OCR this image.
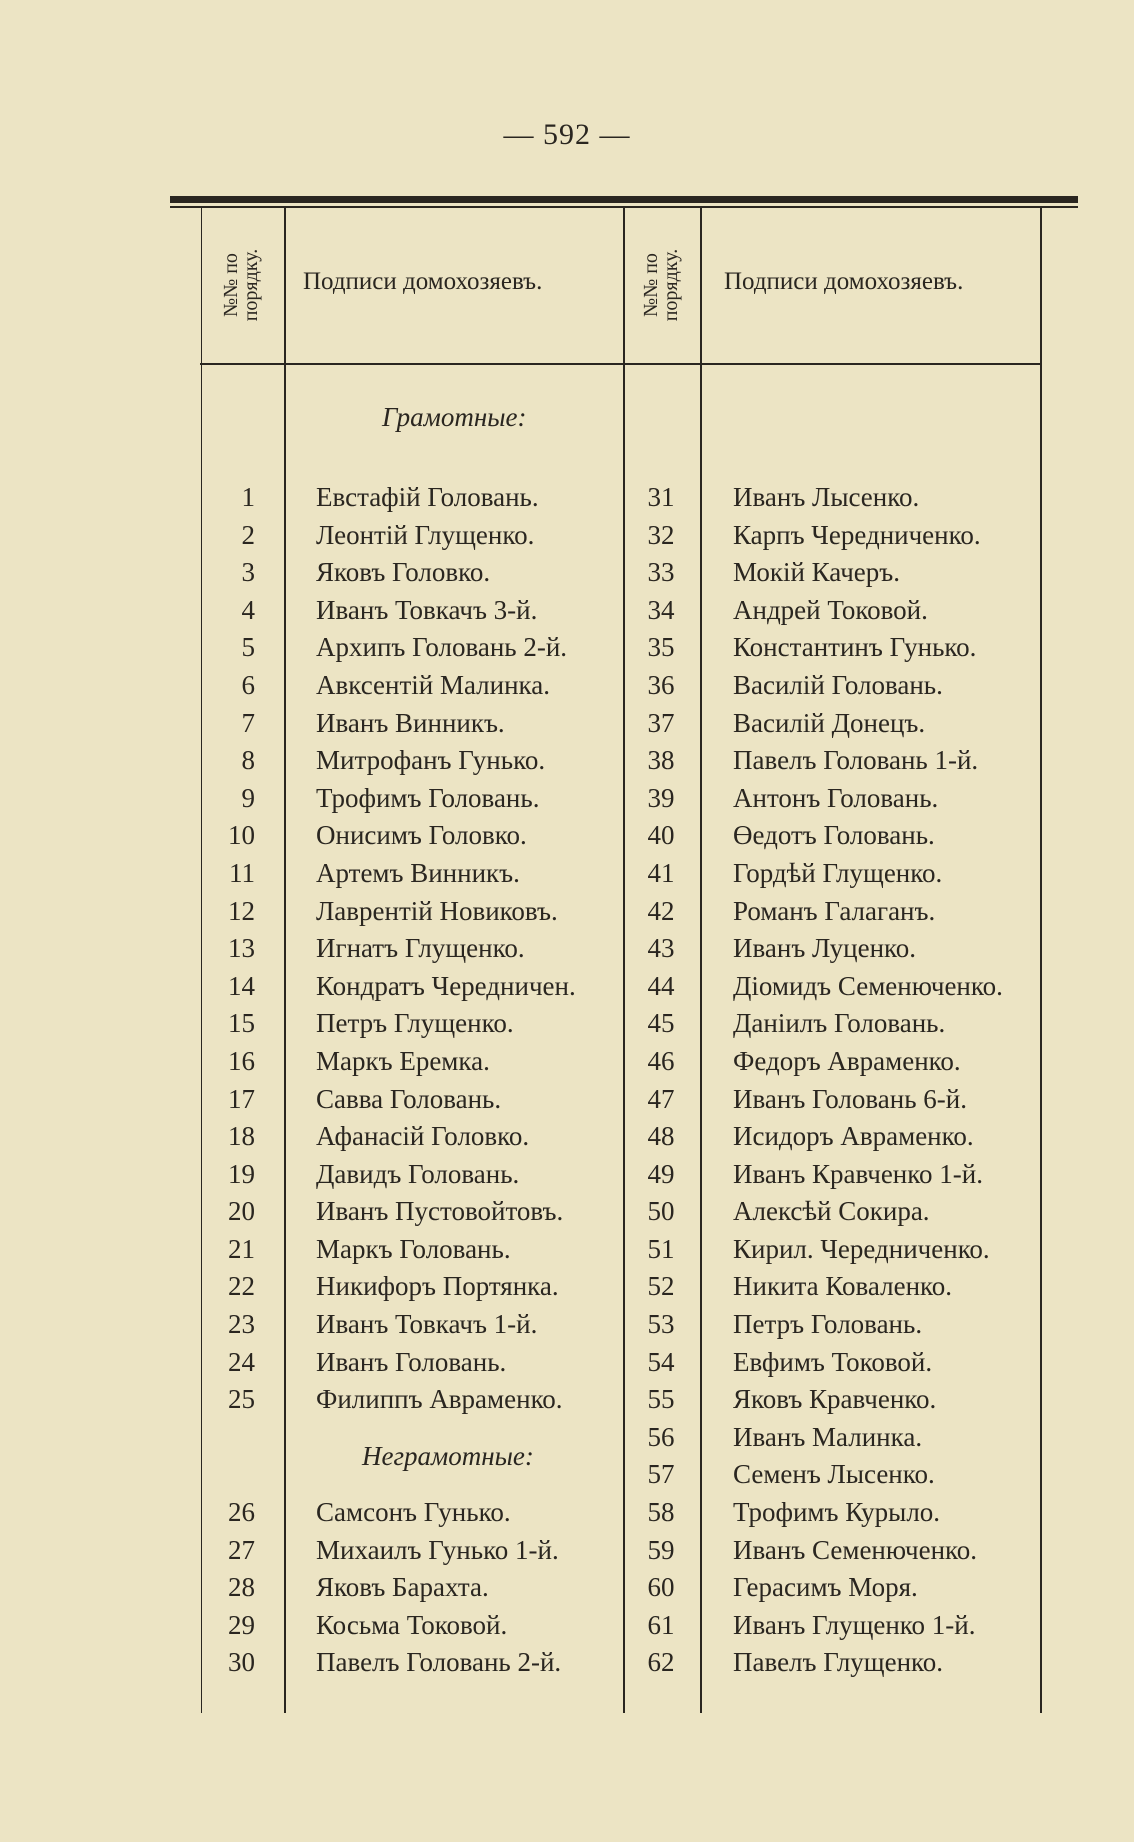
— 592 —
№№ по порядку. Подписи домохозяевъ.	№№ по порядку. Подписи домохозяевъ.
Грамотные:
Неграмотные:
1 Евстафій Головань.	31	Иванъ Лысенко.
2 Леонтій Глущенко.	32	Карпъ Чередниченко.
3 Яковъ Головко.	33	Мокій Качеръ.
4 Иванъ Товкачъ 3-й.	34	Андрей Токовой.
5 Архипъ Головань 2-й.	35	Константинъ Гунько.
6 Авксентій Малинка.	36	Василій Головань.
7 Иванъ Винникъ.	37	Василій Донецъ.
8 Митрофанъ Гунько.	38	Павелъ Головань 1-й.
9 Трофимъ Головань.	39	Антонъ Головань.
10 Онисимъ Головко.	40	Өедотъ Головань.
11 Артемъ Винникъ.	41	Гордѣй Глущенко.
12 Лаврентій Новиковъ.	42	Романъ Галаганъ.
13 Игнатъ Глущенко.	43	Иванъ Луценко.
14 Кондратъ Чередничен.	44	Діомидъ Семенюченко.
15 Петръ Глущенко.	45	Даніилъ Головань.
16 Маркъ Еремка.	46	Федоръ Авраменко.
17 Савва Головань.	47	Иванъ Головань 6-й.
18 Афанасій Головко.	48	Исидоръ Авраменко.
19 Давидъ Головань.	49	Иванъ Кравченко 1-й.
20 Иванъ Пустовойтовъ.	50	Алексѣй Сокира.
21 Маркъ Головань.	51	Кирил. Чередниченко.
22 Никифоръ Портянка.	52	Никита Коваленко.
23 Иванъ Товкачъ 1-й.	53	Петръ Головань.
24 Иванъ Головань.	54	Евфимъ Токовой.
25 Филиппъ Авраменко.	55	Яковъ Кравченко.
56	Иванъ Малинка.
57	Семенъ Лысенко.
26 Самсонъ Гунько.	58	Трофимъ Курыло.
27 Михаилъ Гунько 1-й.	59	Иванъ Семенюченко.
28 Яковъ Барахта.	60	Герасимъ Моря.
29 Косьма Токовой.	61	Иванъ Глущенко 1-й.
30 Павелъ Головань 2-й.	62	Павелъ Глущенко.
